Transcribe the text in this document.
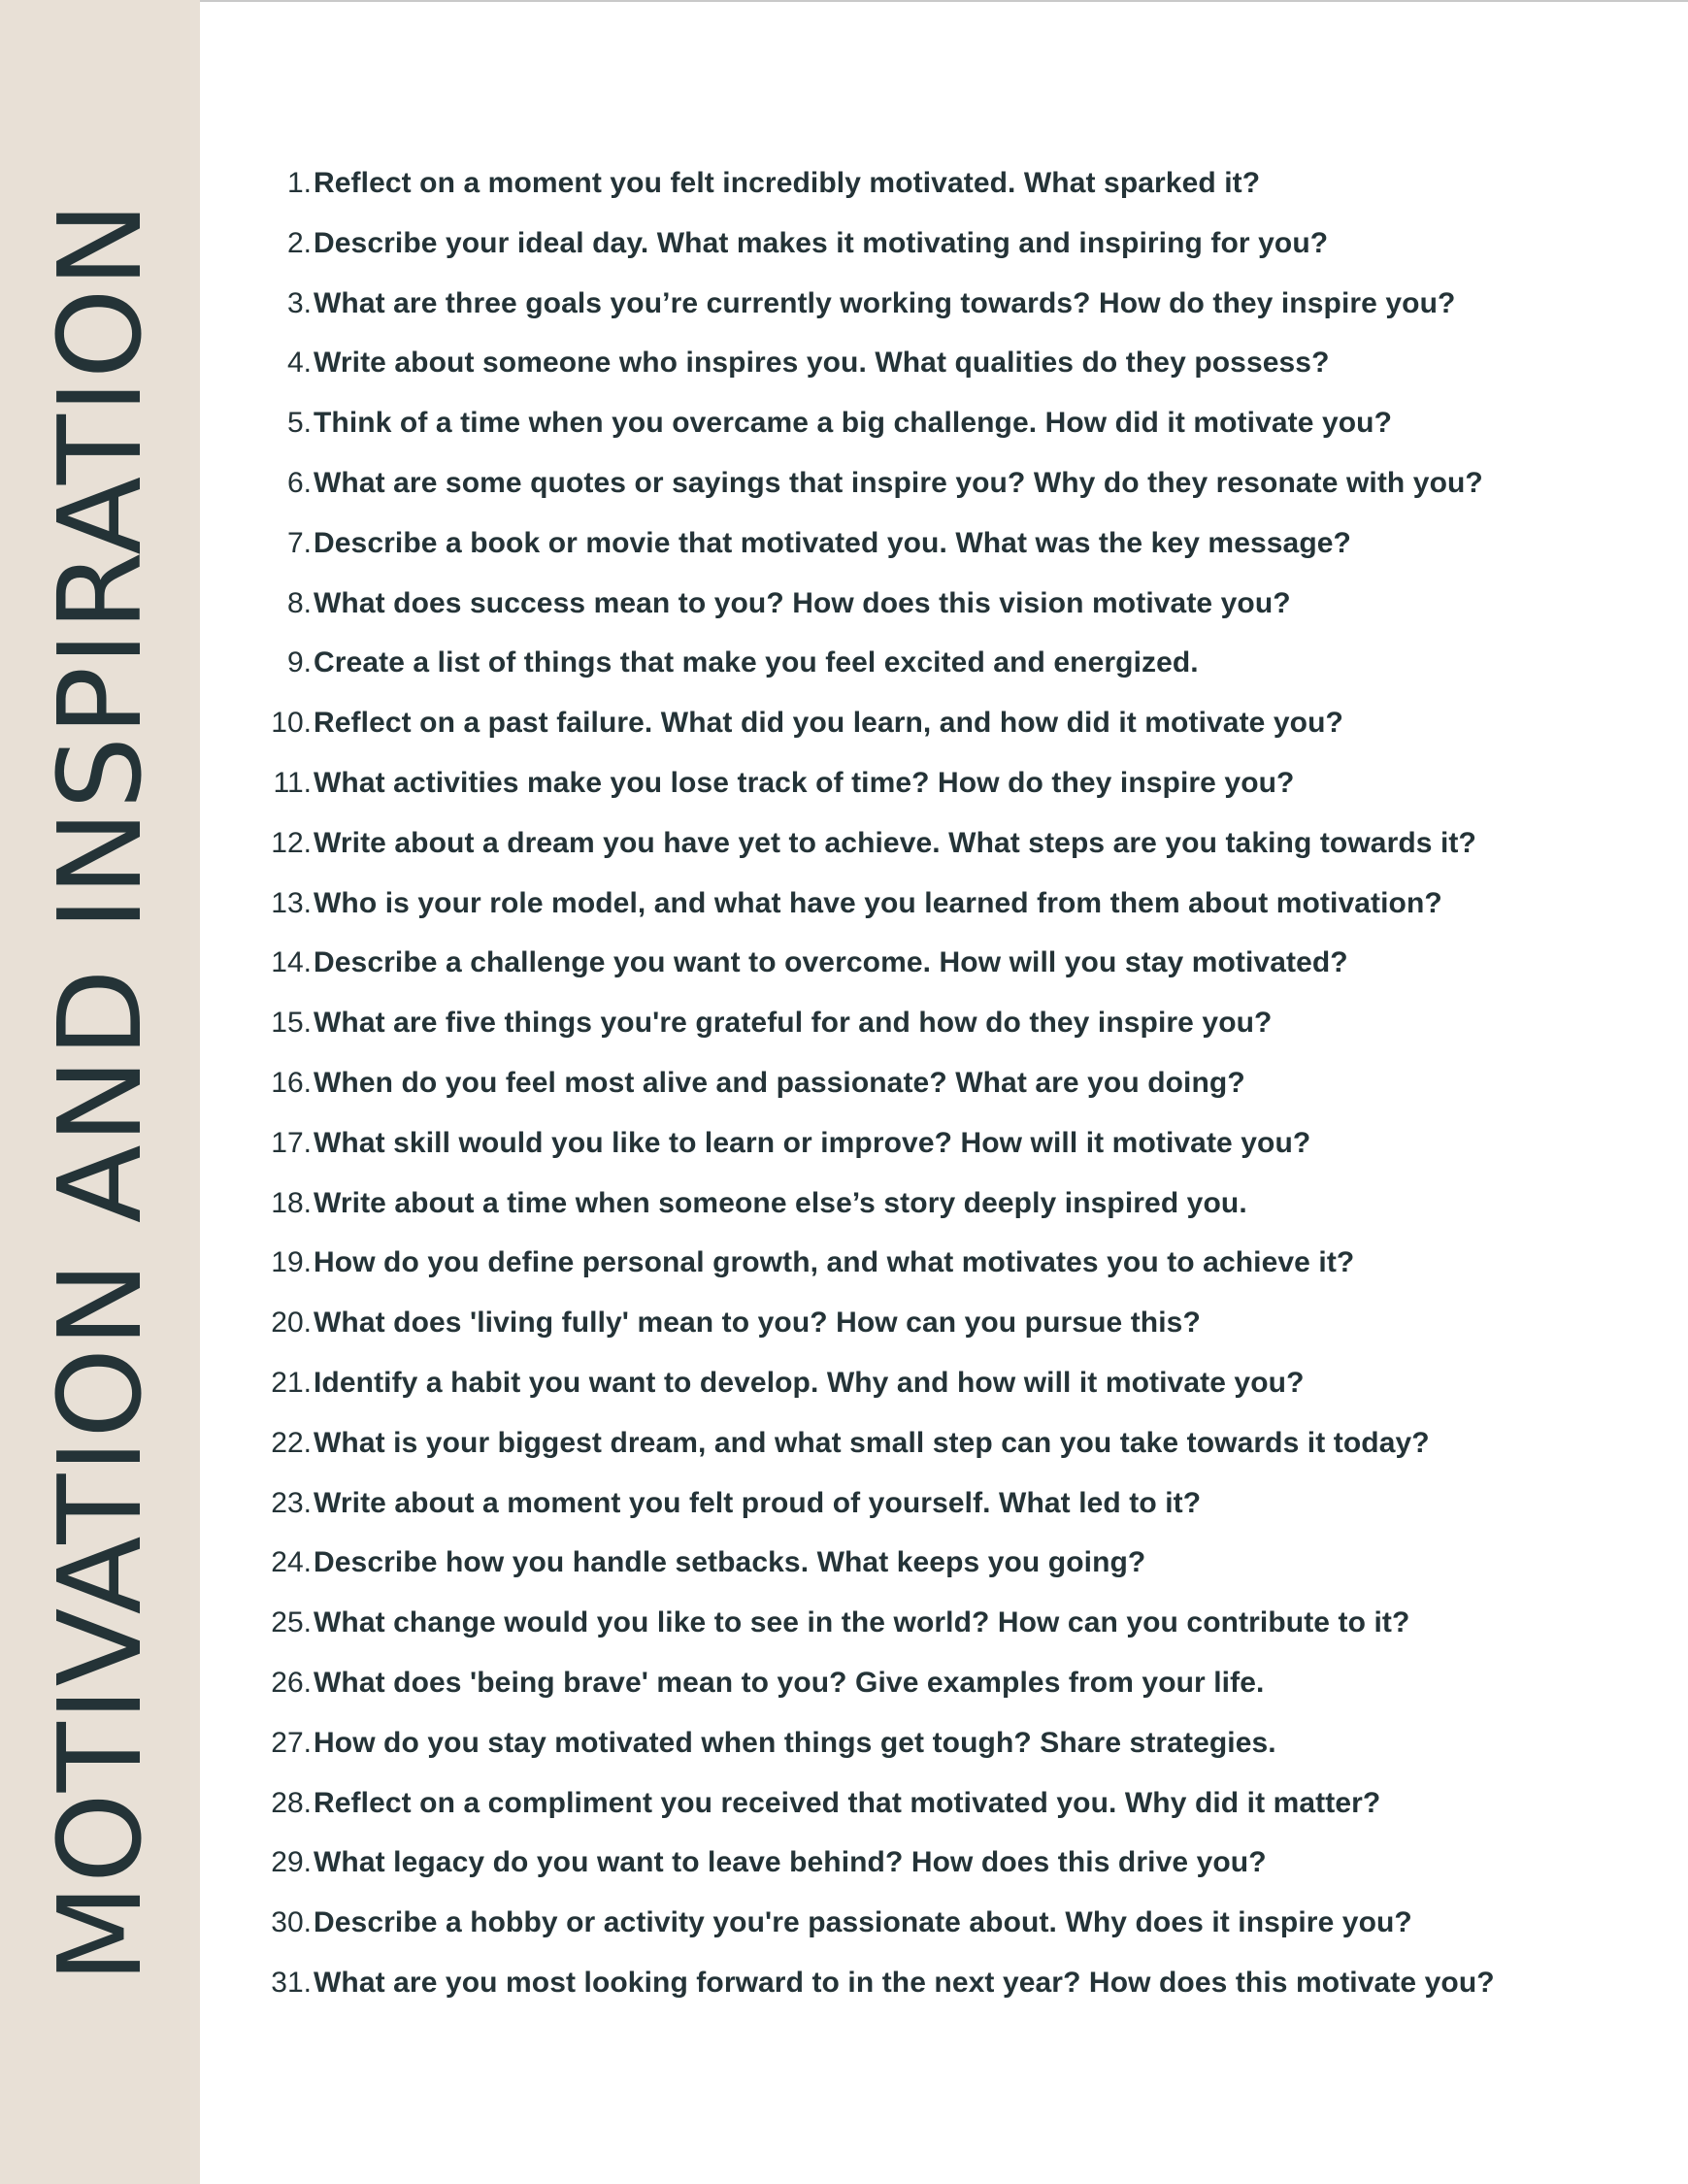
MOTIVATION AND INSPIRATION
1. Reflect on a moment you felt incredibly motivated. What sparked it?
2. Describe your ideal day. What makes it motivating and inspiring for you?
3. What are three goals you’re currently working towards? How do they inspire you?
4. Write about someone who inspires you. What qualities do they possess?
5. Think of a time when you overcame a big challenge. How did it motivate you?
6. What are some quotes or sayings that inspire you? Why do they resonate with you?
7. Describe a book or movie that motivated you. What was the key message?
8. What does success mean to you? How does this vision motivate you?
9. Create a list of things that make you feel excited and energized.
10. Reflect on a past failure. What did you learn, and how did it motivate you?
11. What activities make you lose track of time? How do they inspire you?
12. Write about a dream you have yet to achieve. What steps are you taking towards it?
13. Who is your role model, and what have you learned from them about motivation?
14. Describe a challenge you want to overcome. How will you stay motivated?
15. What are five things you're grateful for and how do they inspire you?
16. When do you feel most alive and passionate? What are you doing?
17. What skill would you like to learn or improve? How will it motivate you?
18. Write about a time when someone else’s story deeply inspired you.
19. How do you define personal growth, and what motivates you to achieve it?
20. What does 'living fully' mean to you? How can you pursue this?
21. Identify a habit you want to develop. Why and how will it motivate you?
22. What is your biggest dream, and what small step can you take towards it today?
23. Write about a moment you felt proud of yourself. What led to it?
24. Describe how you handle setbacks. What keeps you going?
25. What change would you like to see in the world? How can you contribute to it?
26. What does 'being brave' mean to you? Give examples from your life.
27. How do you stay motivated when things get tough? Share strategies.
28. Reflect on a compliment you received that motivated you. Why did it matter?
29. What legacy do you want to leave behind? How does this drive you?
30. Describe a hobby or activity you're passionate about. Why does it inspire you?
31. What are you most looking forward to in the next year? How does this motivate you?
